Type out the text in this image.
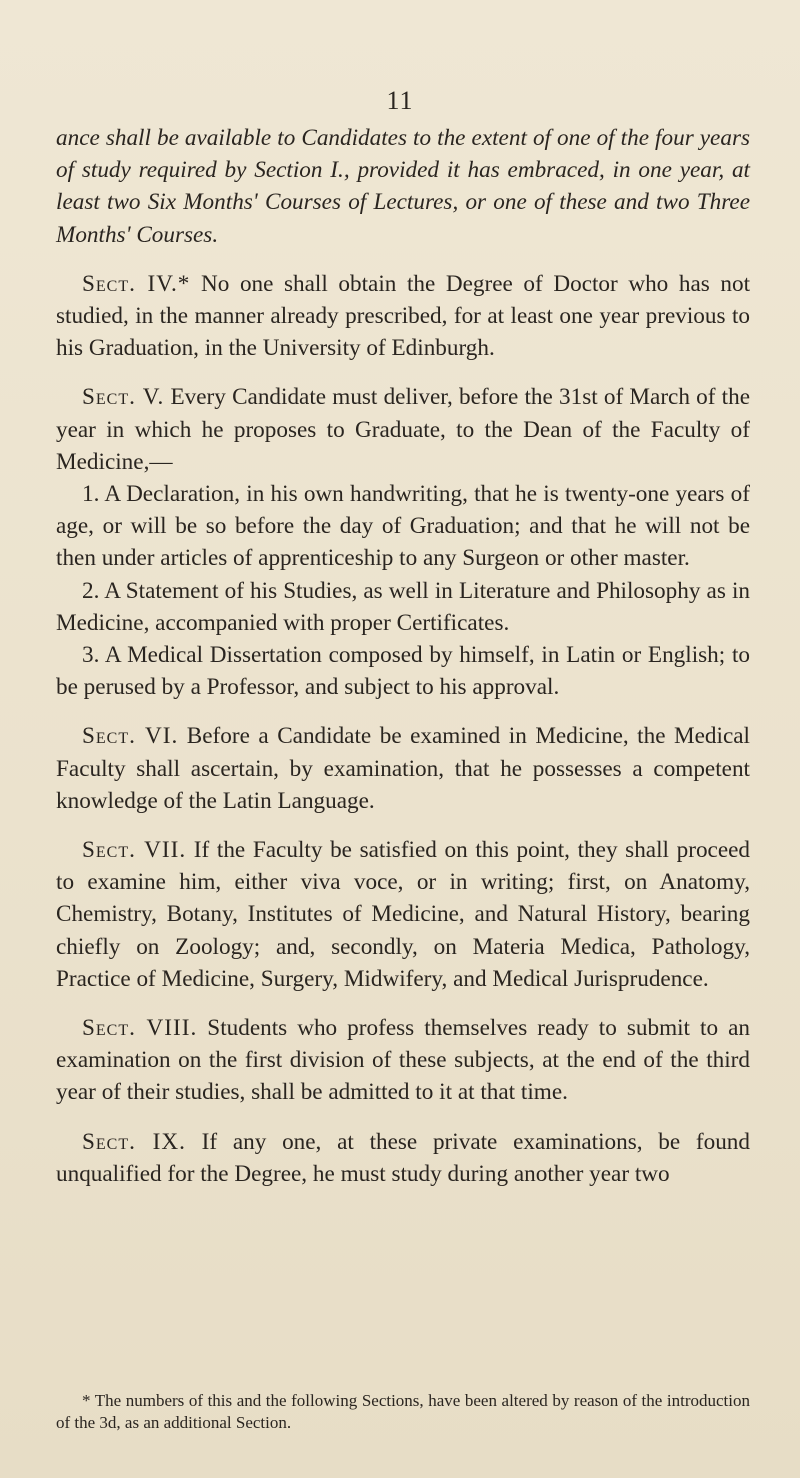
11

ance shall be available to Candidates to the extent of one of the four years of study required by Section I., provided it has embraced, in one year, at least two Six Months' Courses of Lectures, or one of these and two Three Months' Courses.

Sect. IV.* No one shall obtain the Degree of Doctor who has not studied, in the manner already prescribed, for at least one year previous to his Graduation, in the University of Edinburgh.

Sect. V. Every Candidate must deliver, before the 31st of March of the year in which he proposes to Graduate, to the Dean of the Faculty of Medicine,—

1. A Declaration, in his own handwriting, that he is twenty-one years of age, or will be so before the day of Graduation; and that he will not be then under articles of apprenticeship to any Surgeon or other master.

2. A Statement of his Studies, as well in Literature and Philosophy as in Medicine, accompanied with proper Certificates.

3. A Medical Dissertation composed by himself, in Latin or English; to be perused by a Professor, and subject to his approval.

Sect. VI. Before a Candidate be examined in Medicine, the Medical Faculty shall ascertain, by examination, that he possesses a competent knowledge of the Latin Language.

Sect. VII. If the Faculty be satisfied on this point, they shall proceed to examine him, either viva voce, or in writing; first, on Anatomy, Chemistry, Botany, Institutes of Medicine, and Natural History, bearing chiefly on Zoology; and, secondly, on Materia Medica, Pathology, Practice of Medicine, Surgery, Midwifery, and Medical Jurisprudence.

Sect. VIII. Students who profess themselves ready to submit to an examination on the first division of these subjects, at the end of the third year of their studies, shall be admitted to it at that time.

Sect. IX. If any one, at these private examinations, be found unqualified for the Degree, he must study during another year two

* The numbers of this and the following Sections, have been altered by reason of the introduction of the 3d, as an additional Section.
